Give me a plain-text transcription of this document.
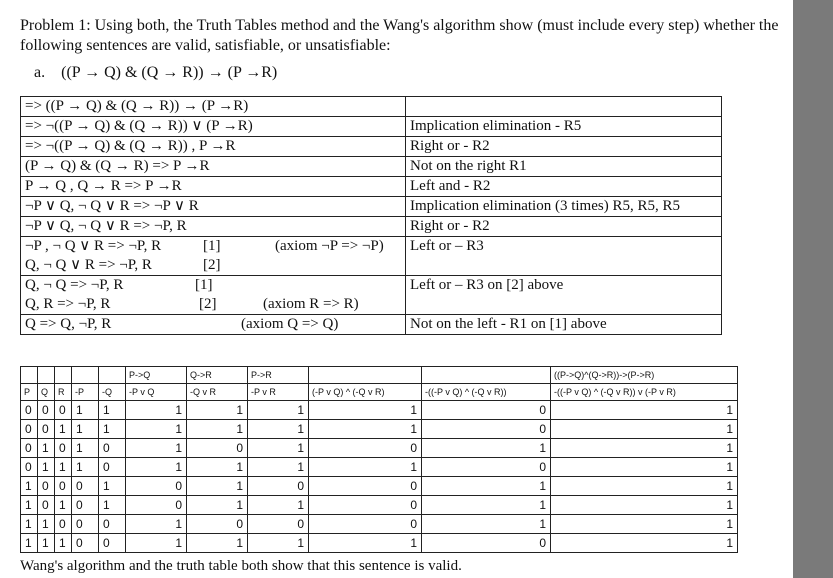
Problem 1: Using both, the Truth Tables method and the Wang's algorithm show (must include every step) whether the following sentences are valid, satisfiable, or unsatisfiable:

a. ((P → Q) & (Q → R)) → (P →R)
=> ((P → Q) & (Q → R)) → (P →R)	
=> ¬((P → Q) & (Q → R)) ∨ (P →R)	Implication elimination - R5
=> ¬((P → Q) & (Q → R)) , P →R	Right or - R2
(P → Q) & (Q → R) => P →R	Not on the right R1
P → Q , Q → R => P →R	Left and - R2
¬P ∨ Q, ¬ Q ∨ R => ¬P ∨ R	Implication elimination (3 times) R5, R5, R5
¬P ∨ Q, ¬ Q ∨ R => ¬P, R	Right or - R2

¬P , ¬ Q ∨ R => ¬P, R [1] (axiom ¬P => ¬P)
Q, ¬ Q ∨ R => ¬P, R [2]	Left or – R3

Q, ¬ Q => ¬P, R [1]
Q, R => ¬P, R [2] (axiom R => R)	Left or – R3 on [2] above

Q => Q, ¬P, R (axiom Q => Q)	Not on the left - R1 on [1] above
					P->Q	Q->R	P->R			((P->Q)^(Q->R))->(P->R)
P	Q	R	-P	-Q	-P v Q	-Q v R	-P v R	(-P v Q) ^ (-Q v R)	-((-P v Q) ^ (-Q v R))	-((-P v Q) ^ (-Q v R)) v (-P v R)
0	0	0	1	1	1	1	1	1	0	1
0	0	1	1	1	1	1	1	1	0	1
0	1	0	1	0	1	0	1	0	1	1
0	1	1	1	0	1	1	1	1	0	1
1	0	0	0	1	0	1	0	0	1	1
1	0	1	0	1	0	1	1	0	1	1
1	1	0	0	0	1	0	0	0	1	1
1	1	1	0	0	1	1	1	1	0	1
Wang's algorithm and the truth table both show that this sentence is valid.
